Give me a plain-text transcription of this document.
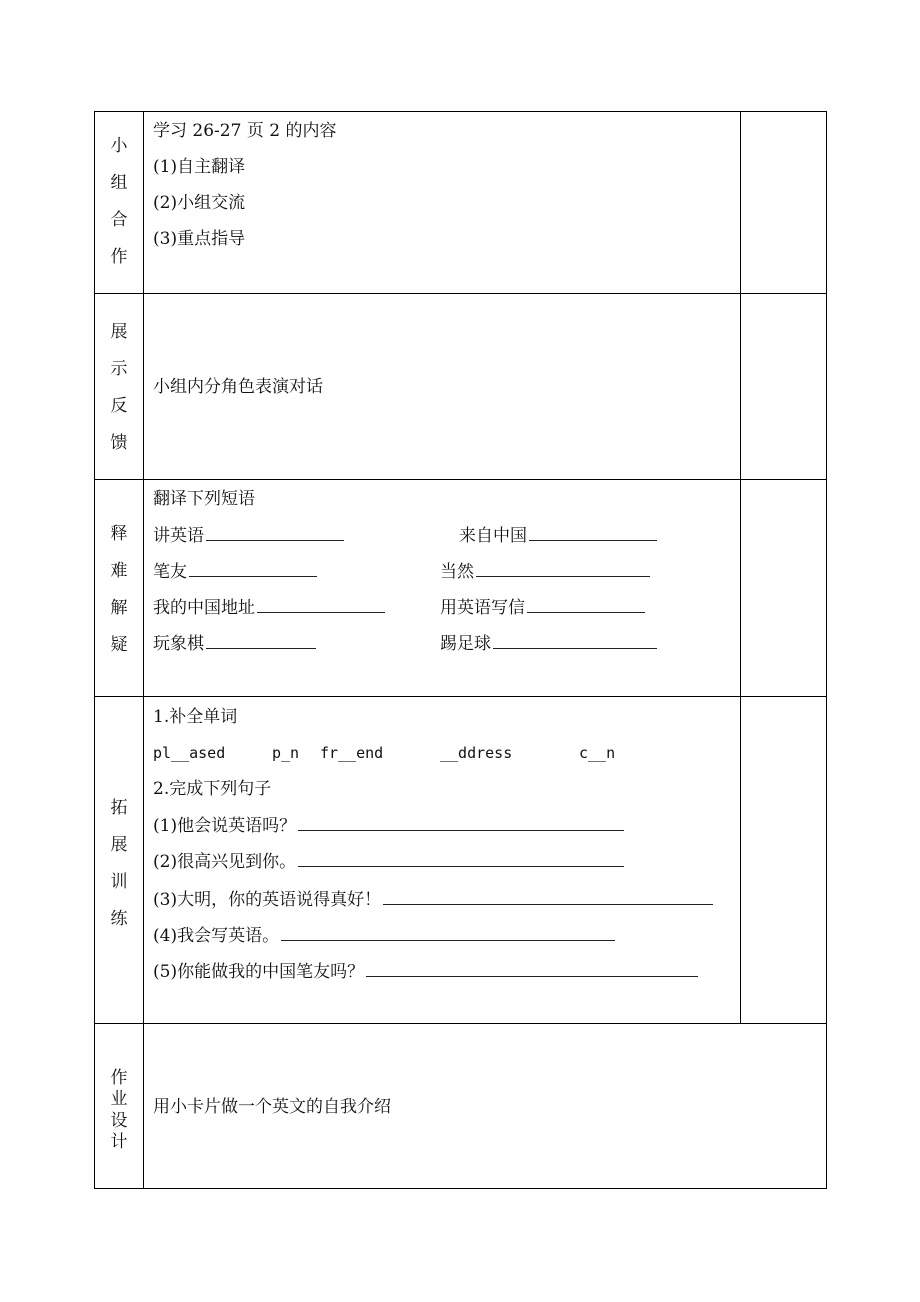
小
组
合
作
学习 26-27 页 2 的内容
(1)自主翻译
(2)小组交流
(3)重点指导
展
示
反
馈
小组内分角色表演对话
释
难
解
疑
翻译下列短语
讲英语	来自中国
笔友	当然
我的中国地址	用英语写信
玩象棋	踢足球
拓
展
训
练
1.补全单词
pl__ased	p_n fr__end	__ddress	c__n
2.完成下列句子
(1)他会说英语吗？
(2)很高兴见到你。
(3)大明，你的英语说得真好！
(4)我会写英语。
(5)你能做我的中国笔友吗？
作
业
设
计
用小卡片做一个英文的自我介绍
